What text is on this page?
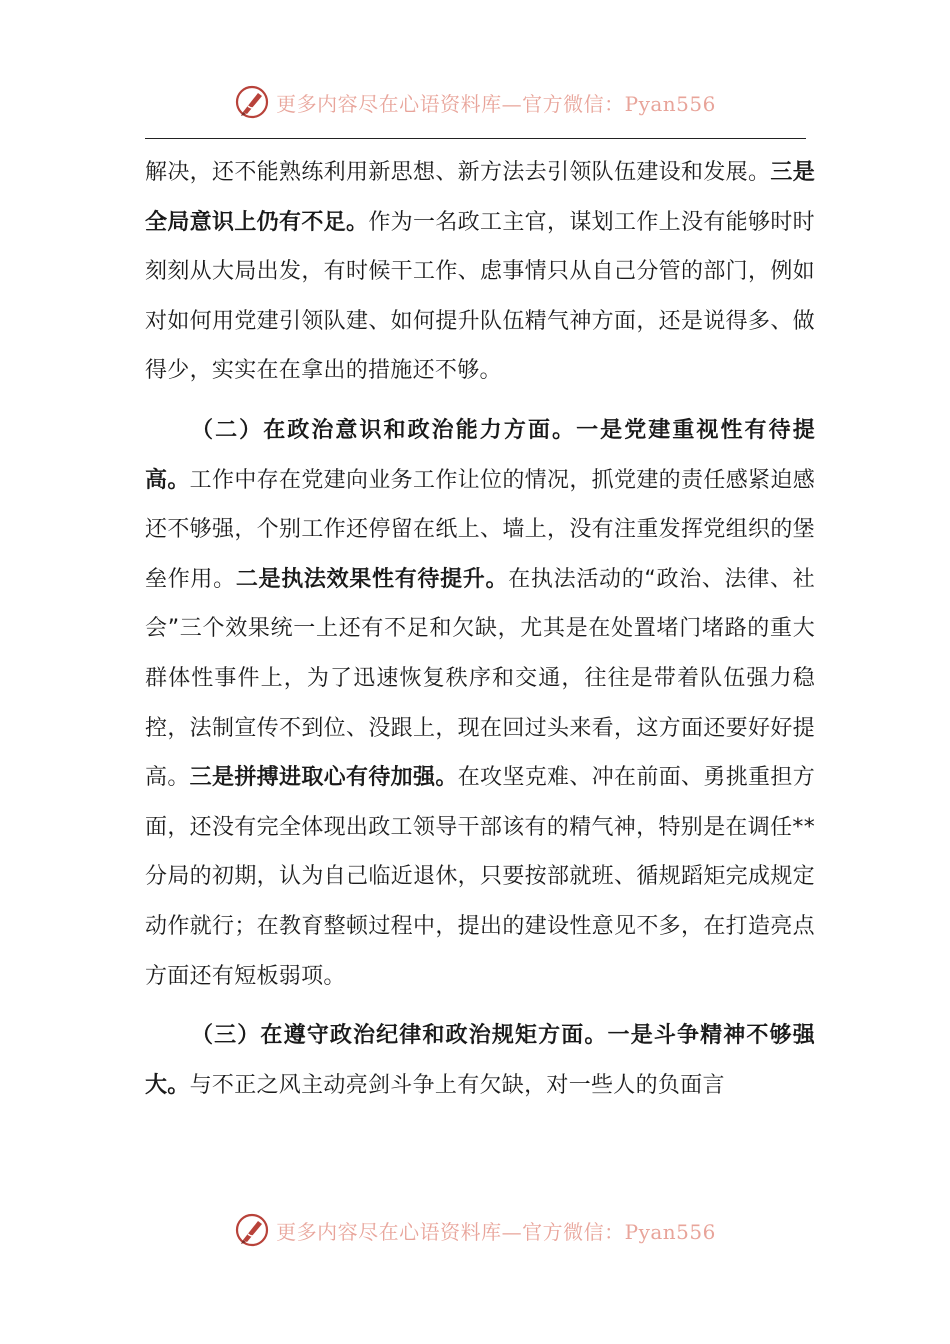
更多内容尽在心语资料库—官方微信：Pyan556

解决，还不能熟练利用新思想、新方法去引领队伍建设和发展。三是全局意识上仍有不足。作为一名政工主官，谋划工作上没有能够时时刻刻从大局出发，有时候干工作、虑事情只从自己分管的部门，例如对如何用党建引领队建、如何提升队伍精气神方面，还是说得多、做得少，实实在在拿出的措施还不够。

（二）在政治意识和政治能力方面。一是党建重视性有待提高。工作中存在党建向业务工作让位的情况，抓党建的责任感紧迫感还不够强，个别工作还停留在纸上、墙上，没有注重发挥党组织的堡垒作用。二是执法效果性有待提升。在执法活动的“政治、法律、社会”三个效果统一上还有不足和欠缺，尤其是在处置堵门堵路的重大群体性事件上，为了迅速恢复秩序和交通，往往是带着队伍强力稳控，法制宣传不到位、没跟上，现在回过头来看，这方面还要好好提高。三是拼搏进取心有待加强。在攻坚克难、冲在前面、勇挑重担方面，还没有完全体现出政工领导干部该有的精气神，特别是在调任**分局的初期，认为自己临近退休，只要按部就班、循规蹈矩完成规定动作就行；在教育整顿过程中，提出的建设性意见不多，在打造亮点方面还有短板弱项。

（三）在遵守政治纪律和政治规矩方面。一是斗争精神不够强大。与不正之风主动亮剑斗争上有欠缺，对一些人的负面言

更多内容尽在心语资料库—官方微信：Pyan556
